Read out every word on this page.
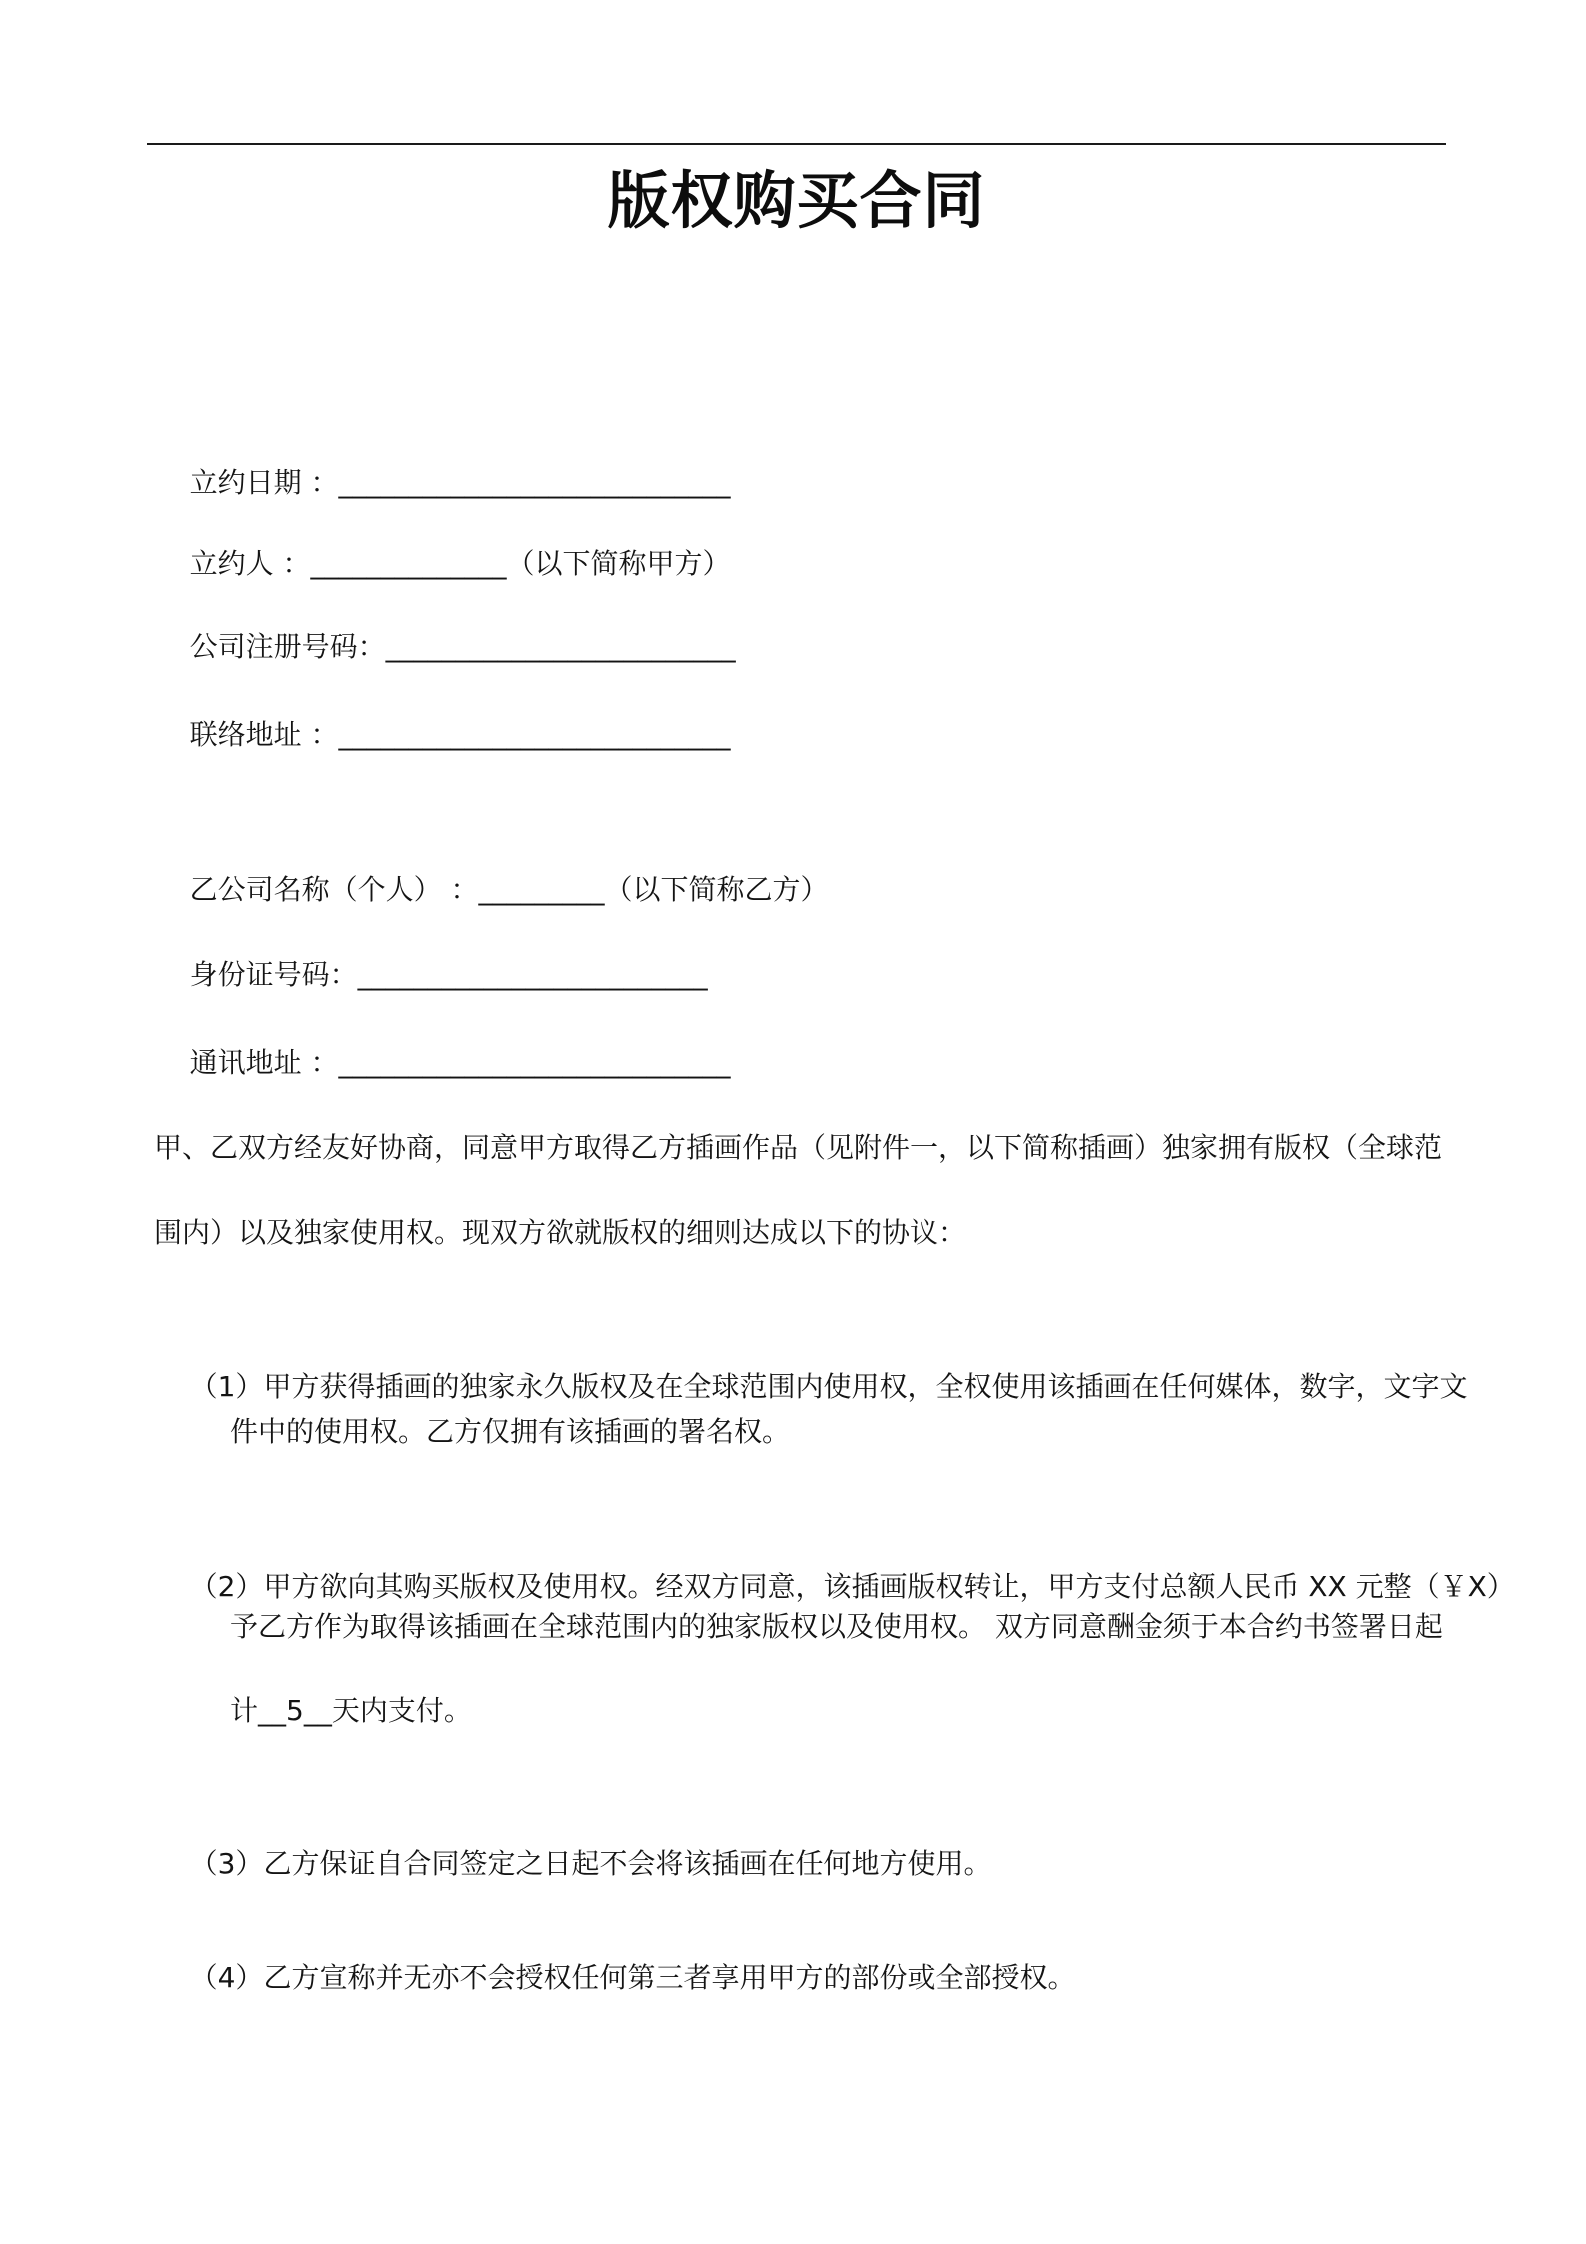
版权购买合同

立约日期 ：____________________________

立约人 ：______________（以下简称甲方）

公司注册号码：_________________________

联络地址 ：____________________________

乙公司名称（个人） ：_________（以下简称乙方）

身份证号码：_________________________

通讯地址 ：____________________________

甲、乙双方经友好协商，同意甲方取得乙方插画作品（见附件一，以下简称插画）独家拥有版权（全球范
围内）以及独家使用权。现双方欲就版权的细则达成以下的协议：

（1）甲方获得插画的独家永久版权及在全球范围内使用权，全权使用该插画在任何媒体，数字，文字文

件中的使用权。乙方仅拥有该插画的署名权。

（2）甲方欲向其购买版权及使用权。经双方同意，该插画版权转让，甲方支付总额人民币 XX 元整（￥X）

予乙方作为取得该插画在全球范围内的独家版权以及使用权。 双方同意酬金须于本合约书签署日起
计__5__天内支付。

（3）乙方保证自合同签定之日起不会将该插画在任何地方使用。

（4）乙方宣称并无亦不会授权任何第三者享用甲方的部份或全部授权。
